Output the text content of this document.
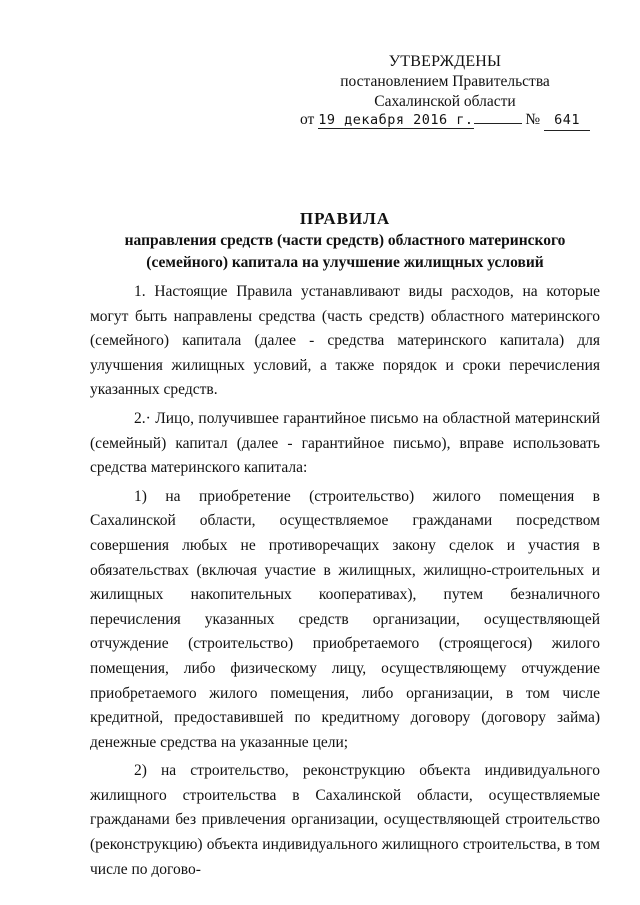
УТВЕРЖДЕНЫ
постановлением Правительства
Сахалинской области
от 19 декабря 2016 г.	№ 641
ПРАВИЛА
направления средств (части средств) областного материнского
(семейного) капитала на улучшение жилищных условий

1. Настоящие Правила устанавливают виды расходов, на которые могут быть направлены средства (часть средств) областного материнского (семейного) капитала (далее - средства материнского капитала) для улучшения жилищных условий, а также порядок и сроки перечисления указанных средств.

2.· Лицо, получившее гарантийное письмо на областной материнский (семейный) капитал (далее - гарантийное письмо), вправе использовать средства материнского капитала:

1) на приобретение (строительство) жилого помещения в Сахалинской области, осуществляемое гражданами посредством совершения любых не противоречащих закону сделок и участия в обязательствах (включая участие в жилищных, жилищно-строительных и жилищных накопительных кооперативах), путем безналичного перечисления указанных средств организации, осуществляющей отчуждение (строительство) приобретаемого (строящегося) жилого помещения, либо физическому лицу, осуществляющему отчуждение приобретаемого жилого помещения, либо организации, в том числе кредитной, предоставившей по кредитному договору (договору займа) денежные средства на указанные цели;

2) на строительство, реконструкцию объекта индивидуального жилищного строительства в Сахалинской области, осуществляемые гражданами без привлечения организации, осуществляющей строительство (реконструкцию) объекта индивидуального жилищного строительства, в том числе по догово-
